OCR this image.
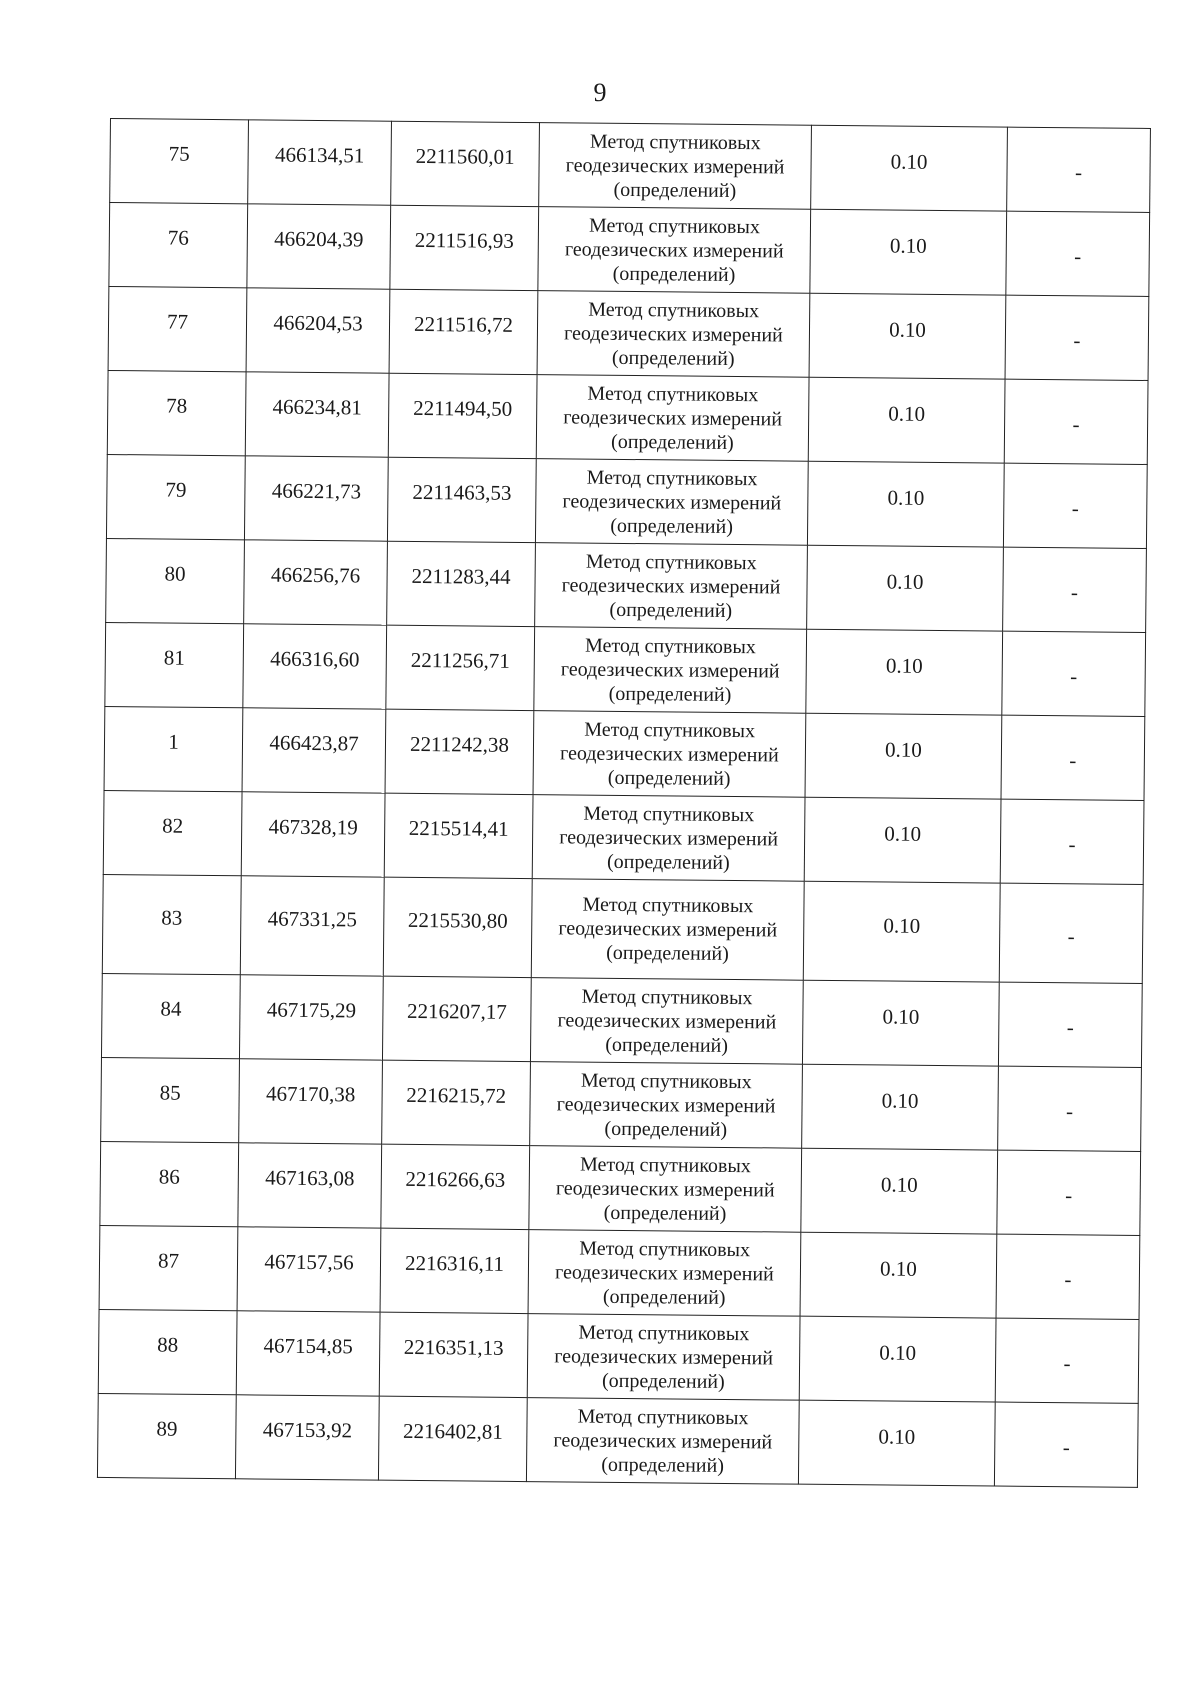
9
75	466134,51	2211560,01	Метод спутниковых
геодезических измерений
(определений)	0.10	-
76	466204,39	2211516,93	Метод спутниковых
геодезических измерений
(определений)	0.10	-
77	466204,53	2211516,72	Метод спутниковых
геодезических измерений
(определений)	0.10	-
78	466234,81	2211494,50	Метод спутниковых
геодезических измерений
(определений)	0.10	-
79	466221,73	2211463,53	Метод спутниковых
геодезических измерений
(определений)	0.10	-
80	466256,76	2211283,44	Метод спутниковых
геодезических измерений
(определений)	0.10	-
81	466316,60	2211256,71	Метод спутниковых
геодезических измерений
(определений)	0.10	-
1	466423,87	2211242,38	Метод спутниковых
геодезических измерений
(определений)	0.10	-
82	467328,19	2215514,41	Метод спутниковых
геодезических измерений
(определений)	0.10	-
83	467331,25	2215530,80	Метод спутниковых
геодезических измерений
(определений)	0.10	-
84	467175,29	2216207,17	Метод спутниковых
геодезических измерений
(определений)	0.10	-
85	467170,38	2216215,72	Метод спутниковых
геодезических измерений
(определений)	0.10	-
86	467163,08	2216266,63	Метод спутниковых
геодезических измерений
(определений)	0.10	-
87	467157,56	2216316,11	Метод спутниковых
геодезических измерений
(определений)	0.10	-
88	467154,85	2216351,13	Метод спутниковых
геодезических измерений
(определений)	0.10	-
89	467153,92	2216402,81	Метод спутниковых
геодезических измерений
(определений)	0.10	-
